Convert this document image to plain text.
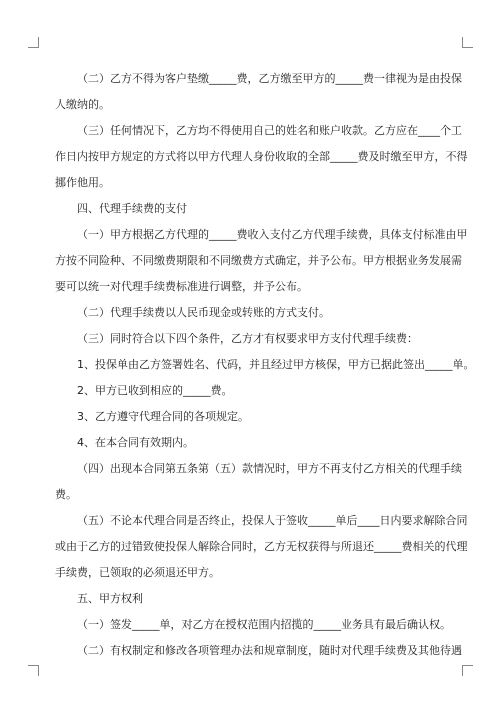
（二）乙方不得为客户垫缴_____费，乙方缴至甲方的_____费一律视为是由投保

人缴纳的。

（三）任何情况下，乙方均不得使用自己的姓名和账户收款。乙方应在____个工

作日内按甲方规定的方式将以甲方代理人身份收取的全部_____费及时缴至甲方，不得

挪作他用。

四、代理手续费的支付

（一）甲方根据乙方代理的_____费收入支付乙方代理手续费，具体支付标准由甲

方按不同险种、不同缴费期限和不同缴费方式确定，并予公布。甲方根据业务发展需

要可以统一对代理手续费标准进行调整，并予公布。

（二）代理手续费以人民币现金或转账的方式支付。

（三）同时符合以下四个条件，乙方才有权要求甲方支付代理手续费：

1、投保单由乙方签署姓名、代码，并且经过甲方核保，甲方已据此签出_____单。

2、甲方已收到相应的_____费。

3、乙方遵守代理合同的各项规定。

4、在本合同有效期内。

（四）出现本合同第五条第（五）款情况时，甲方不再支付乙方相关的代理手续

费。

（五）不论本代理合同是否终止，投保人于签收_____单后____日内要求解除合同

或由于乙方的过错致使投保人解除合同时，乙方无权获得与所退还_____费相关的代理

手续费，已领取的必须退还甲方。

五、甲方权利

（一）签发_____单，对乙方在授权范围内招揽的_____业务具有最后确认权。

（二）有权制定和修改各项管理办法和规章制度，随时对代理手续费及其他待遇
